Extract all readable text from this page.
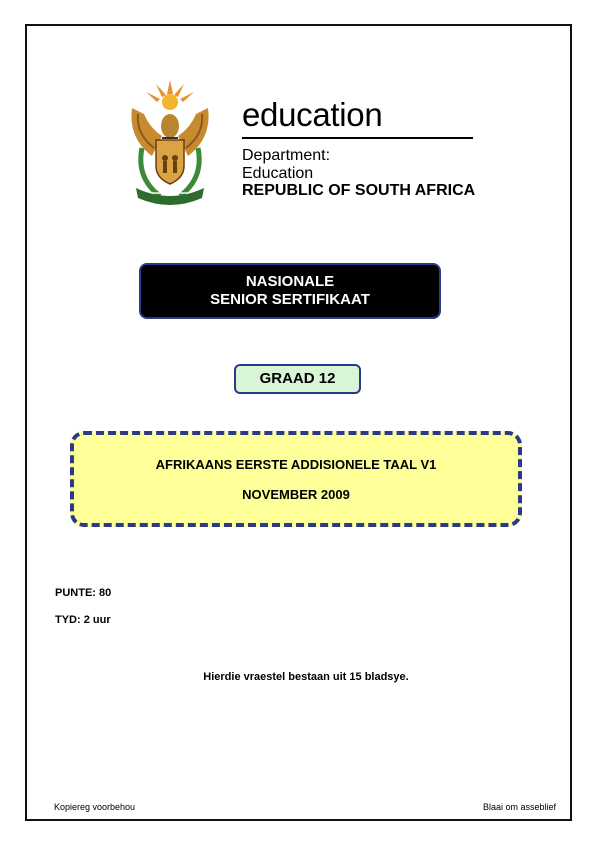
education
Department:
Education
REPUBLIC OF SOUTH AFRICA
NASIONALE
SENIOR SERTIFIKAAT
GRAAD 12
AFRIKAANS EERSTE ADDISIONELE TAAL V1
NOVEMBER 2009
PUNTE: 80
TYD: 2 uur
Hierdie vraestel bestaan uit 15 bladsye.
Kopiereg voorbehou	Blaai om asseblief
